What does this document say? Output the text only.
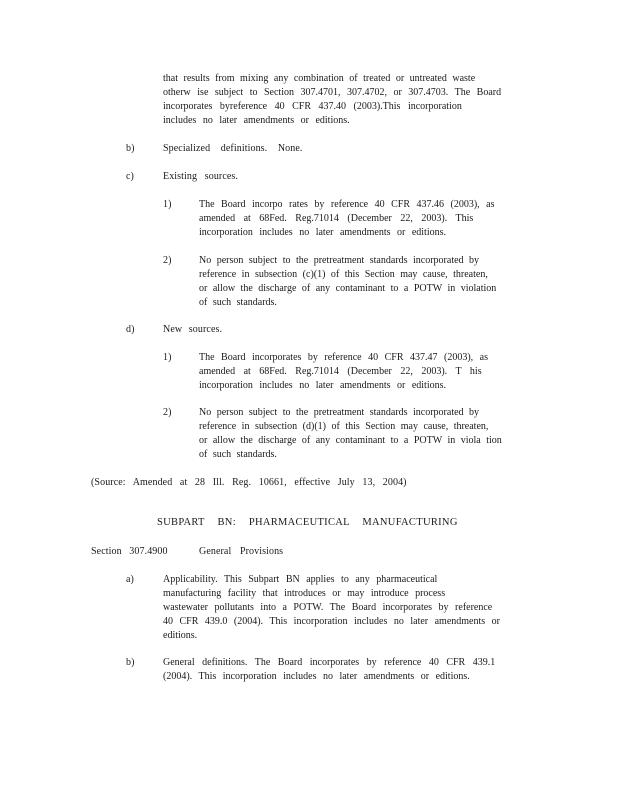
that results from mixing any combination of treated or untreated waste

otherw ise subject to Section 307.4701, 307.4702, or 307.4703. The Board

incorporates byreference 40 CFR 437.40 (2003).This incorporation

includes no later amendments or editions.

b)	Specialized definitions. None.
c)	Existing sources.
1)	The Board incorpo rates by reference 40 CFR 437.46 (2003), as

amended at 68Fed. Reg.71014 (December 22, 2003). This

incorporation includes no later amendments or editions.

2)	No person subject to the pretreatment standards incorporated by

reference in subsection (c)(1) of this Section may cause, threaten,

or allow the discharge of any contaminant to a POTW in violation

of such standards.

d)	New sources.
1)	The Board incorporates by reference 40 CFR 437.47 (2003), as

amended at 68Fed. Reg.71014 (December 22, 2003). T his

incorporation includes no later amendments or editions.

2)	No person subject to the pretreatment standards incorporated by

reference in subsection (d)(1) of this Section may cause, threaten,

or allow the discharge of any contaminant to a POTW in viola tion

of such standards.

(Source: Amended at 28 Ill. Reg. 10661, effective July 13, 2004)
SUBPART BN: PHARMACEUTICAL MANUFACTURING
Section 307.4900	General Provisions
a)	Applicability. This Subpart BN applies to any pharmaceutical

manufacturing facility that introduces or may introduce process

wastewater pollutants into a POTW. The Board incorporates by reference

40 CFR 439.0 (2004). This incorporation includes no later amendments or

editions.

b)	General definitions. The Board incorporates by reference 40 CFR 439.1

(2004). This incorporation includes no later amendments or editions.
